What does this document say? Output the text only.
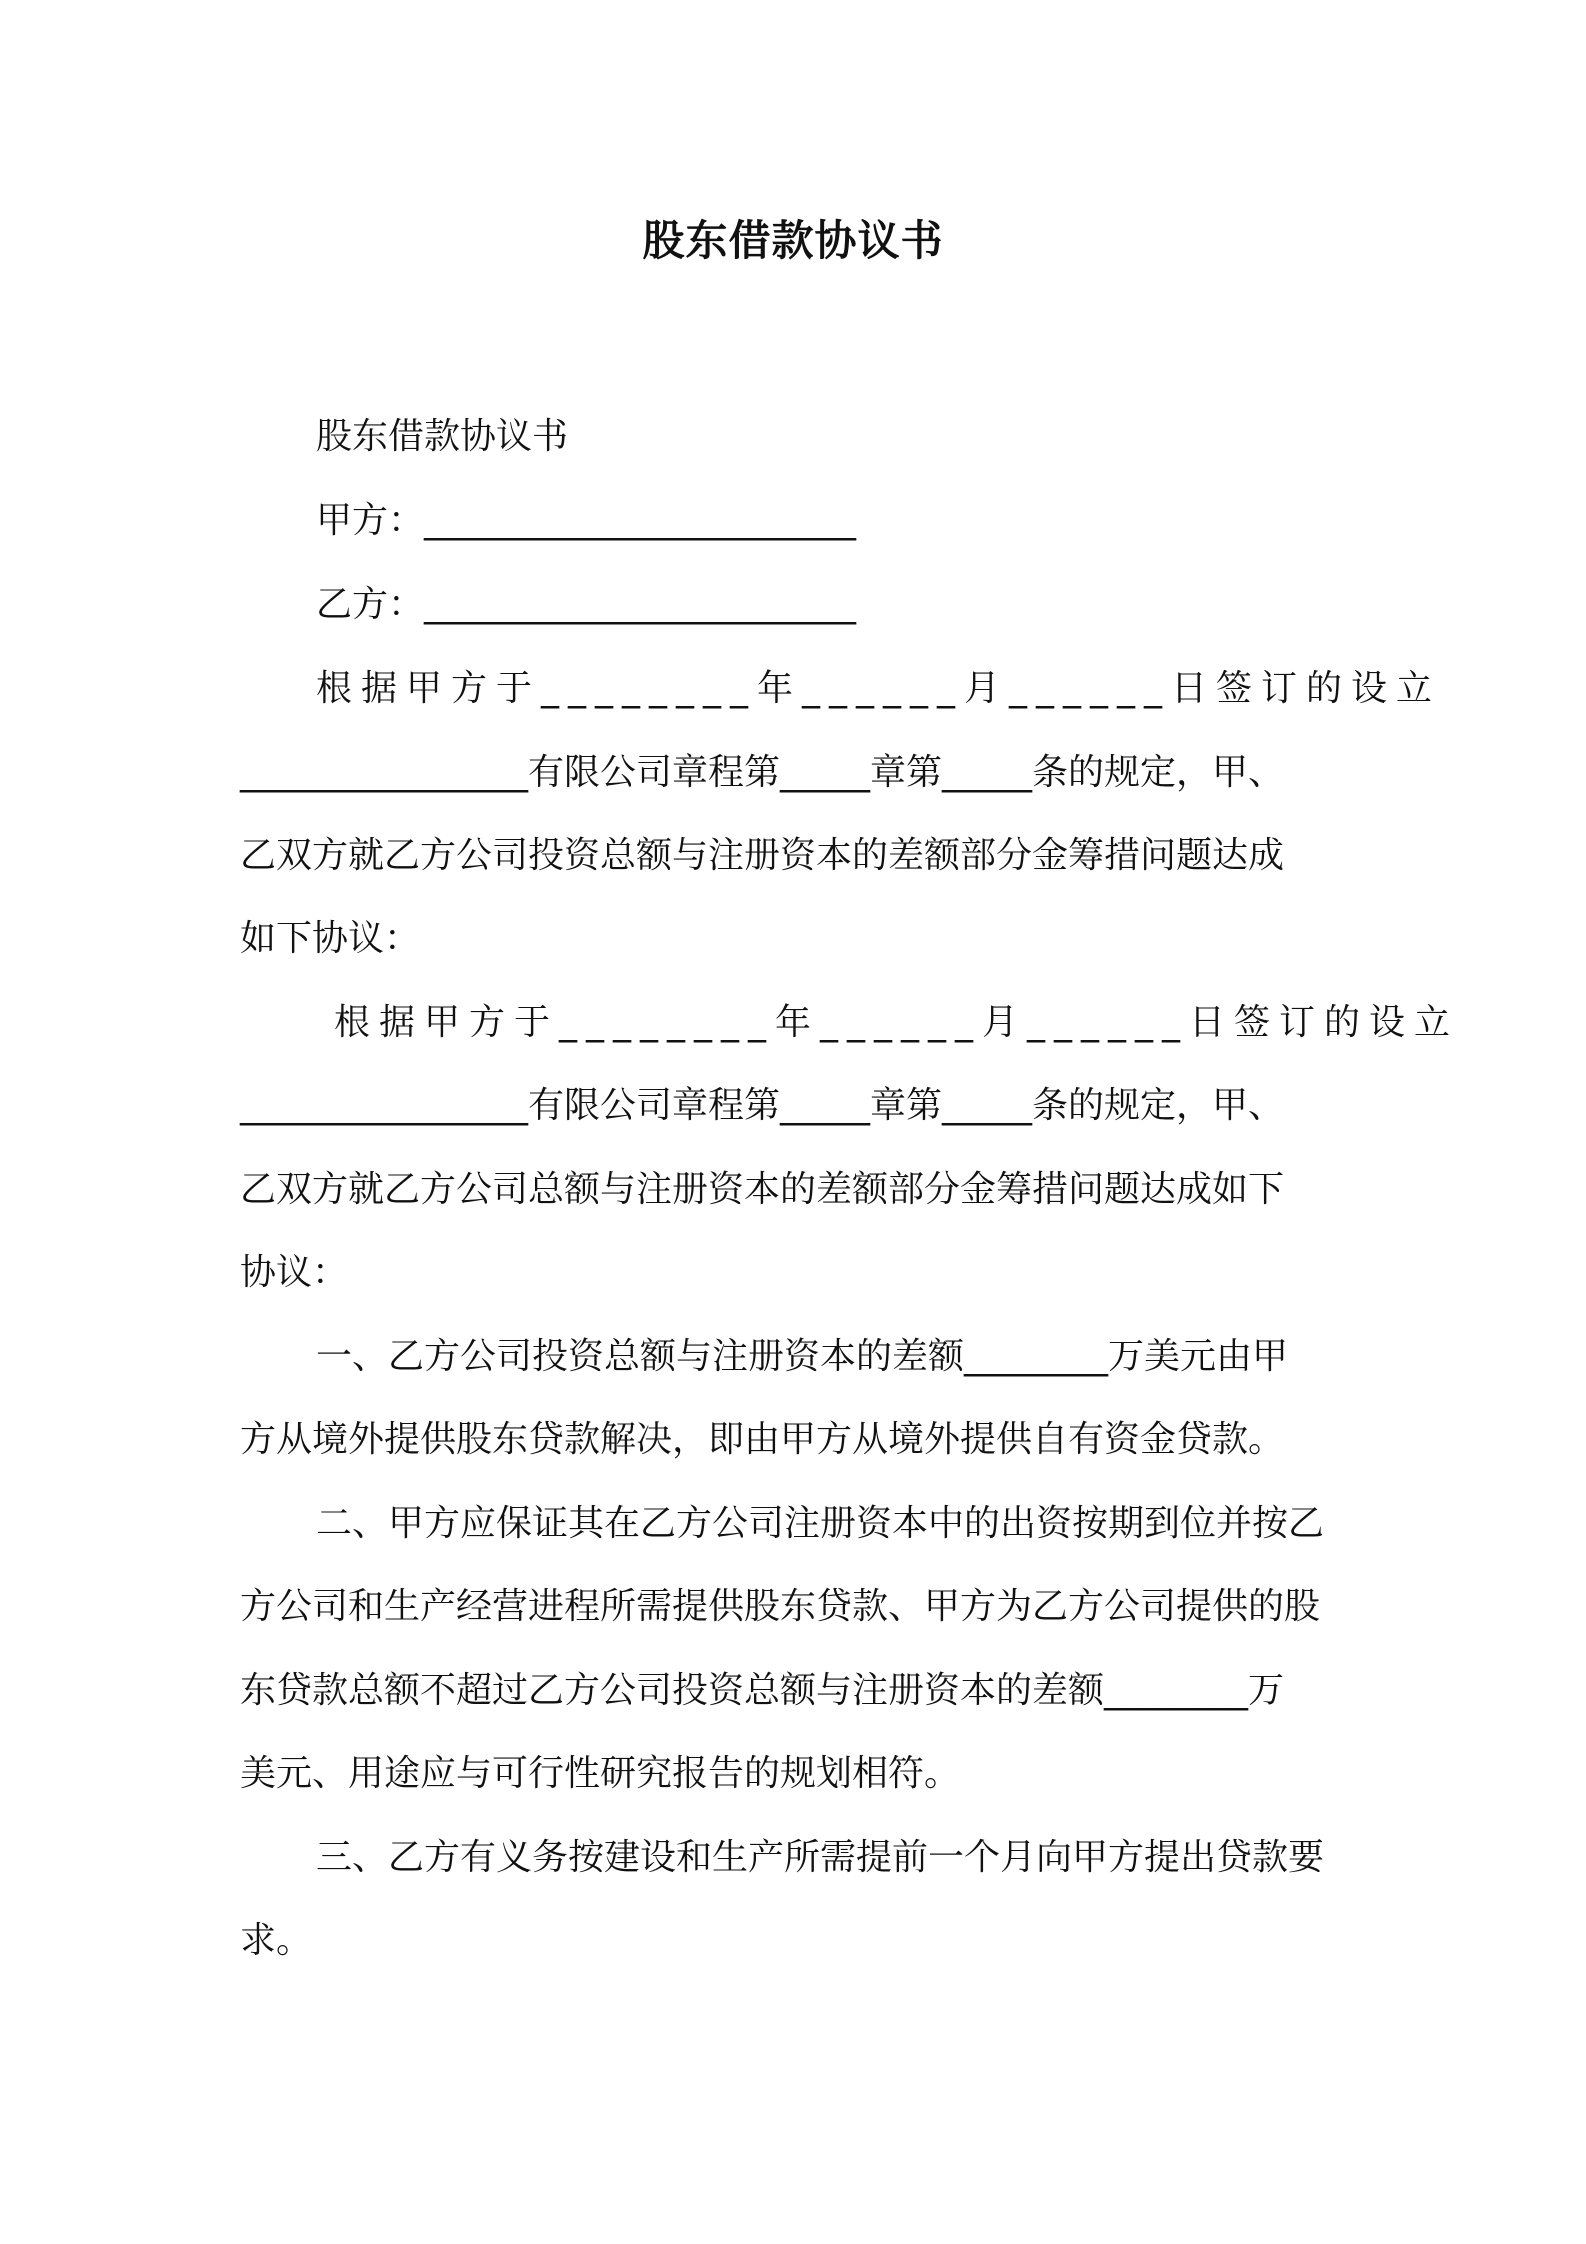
股东借款协议书

股东借款协议书

甲方：________________________

乙方：________________________

根据甲方于________年______月______日签订的设立

________________有限公司章程第_____章第_____条的规定，甲、

乙双方就乙方公司投资总额与注册资本的差额部分金筹措问题达成

如下协议：

根据甲方于________年______月______日签订的设立

________________有限公司章程第_____章第_____条的规定，甲、

乙双方就乙方公司总额与注册资本的差额部分金筹措问题达成如下

协议：

一、乙方公司投资总额与注册资本的差额________万美元由甲

方从境外提供股东贷款解决，即由甲方从境外提供自有资金贷款。

二、甲方应保证其在乙方公司注册资本中的出资按期到位并按乙

方公司和生产经营进程所需提供股东贷款、甲方为乙方公司提供的股

东贷款总额不超过乙方公司投资总额与注册资本的差额________万

美元、用途应与可行性研究报告的规划相符。

三、乙方有义务按建设和生产所需提前一个月向甲方提出贷款要

求。
